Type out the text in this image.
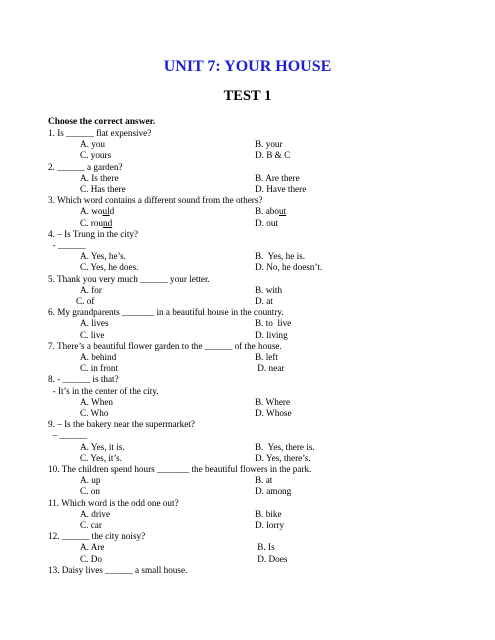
UNIT 7: YOUR HOUSE
TEST 1
Choose the correct answer.
1. Is ______ flat expensive?
A. you	B. your
C. yours	D. B & C
2. ______ a garden?
A. Is there	B. Are there
C. Has there	D. Have there
3. Which word contains a different sound from the others?
A. would	B. about
C. round	D. out
4. – Is Trung in the city?
- ______
A. Yes, he’s.	B.  Yes, he is.
C. Yes, he does.	D. No, he doesn’t.
5. Thank you very much ______ your letter.
A. for	B. with
C. of	D. at
6. My grandparents _______ in a beautiful house in the country.
A. lives	B. to  live
C. live	D. living
7. There’s a beautiful flower garden to the ______ of the house.
A. behind	B. left
C. in front	D. near
8. - ______ is that?
- It’s in the center of the city.
A. When	B. Where
C. Who	D. Whose
9. – Is the bakery near the supermarket?
– ______
A. Yes, it is.	B.  Yes, there is.
C. Yes, it’s.	D. Yes, there’s.
10. The children spend hours _______ the beautiful flowers in the park.
A. up	B. at
C. on	D. among
11. Which word is the odd one out?
A. drive	B. bike
C. car	D. lorry
12. ______ the city noisy?
A. Are	B. Is
C. Do	D. Does
13. Daisy lives ______ a small house.
